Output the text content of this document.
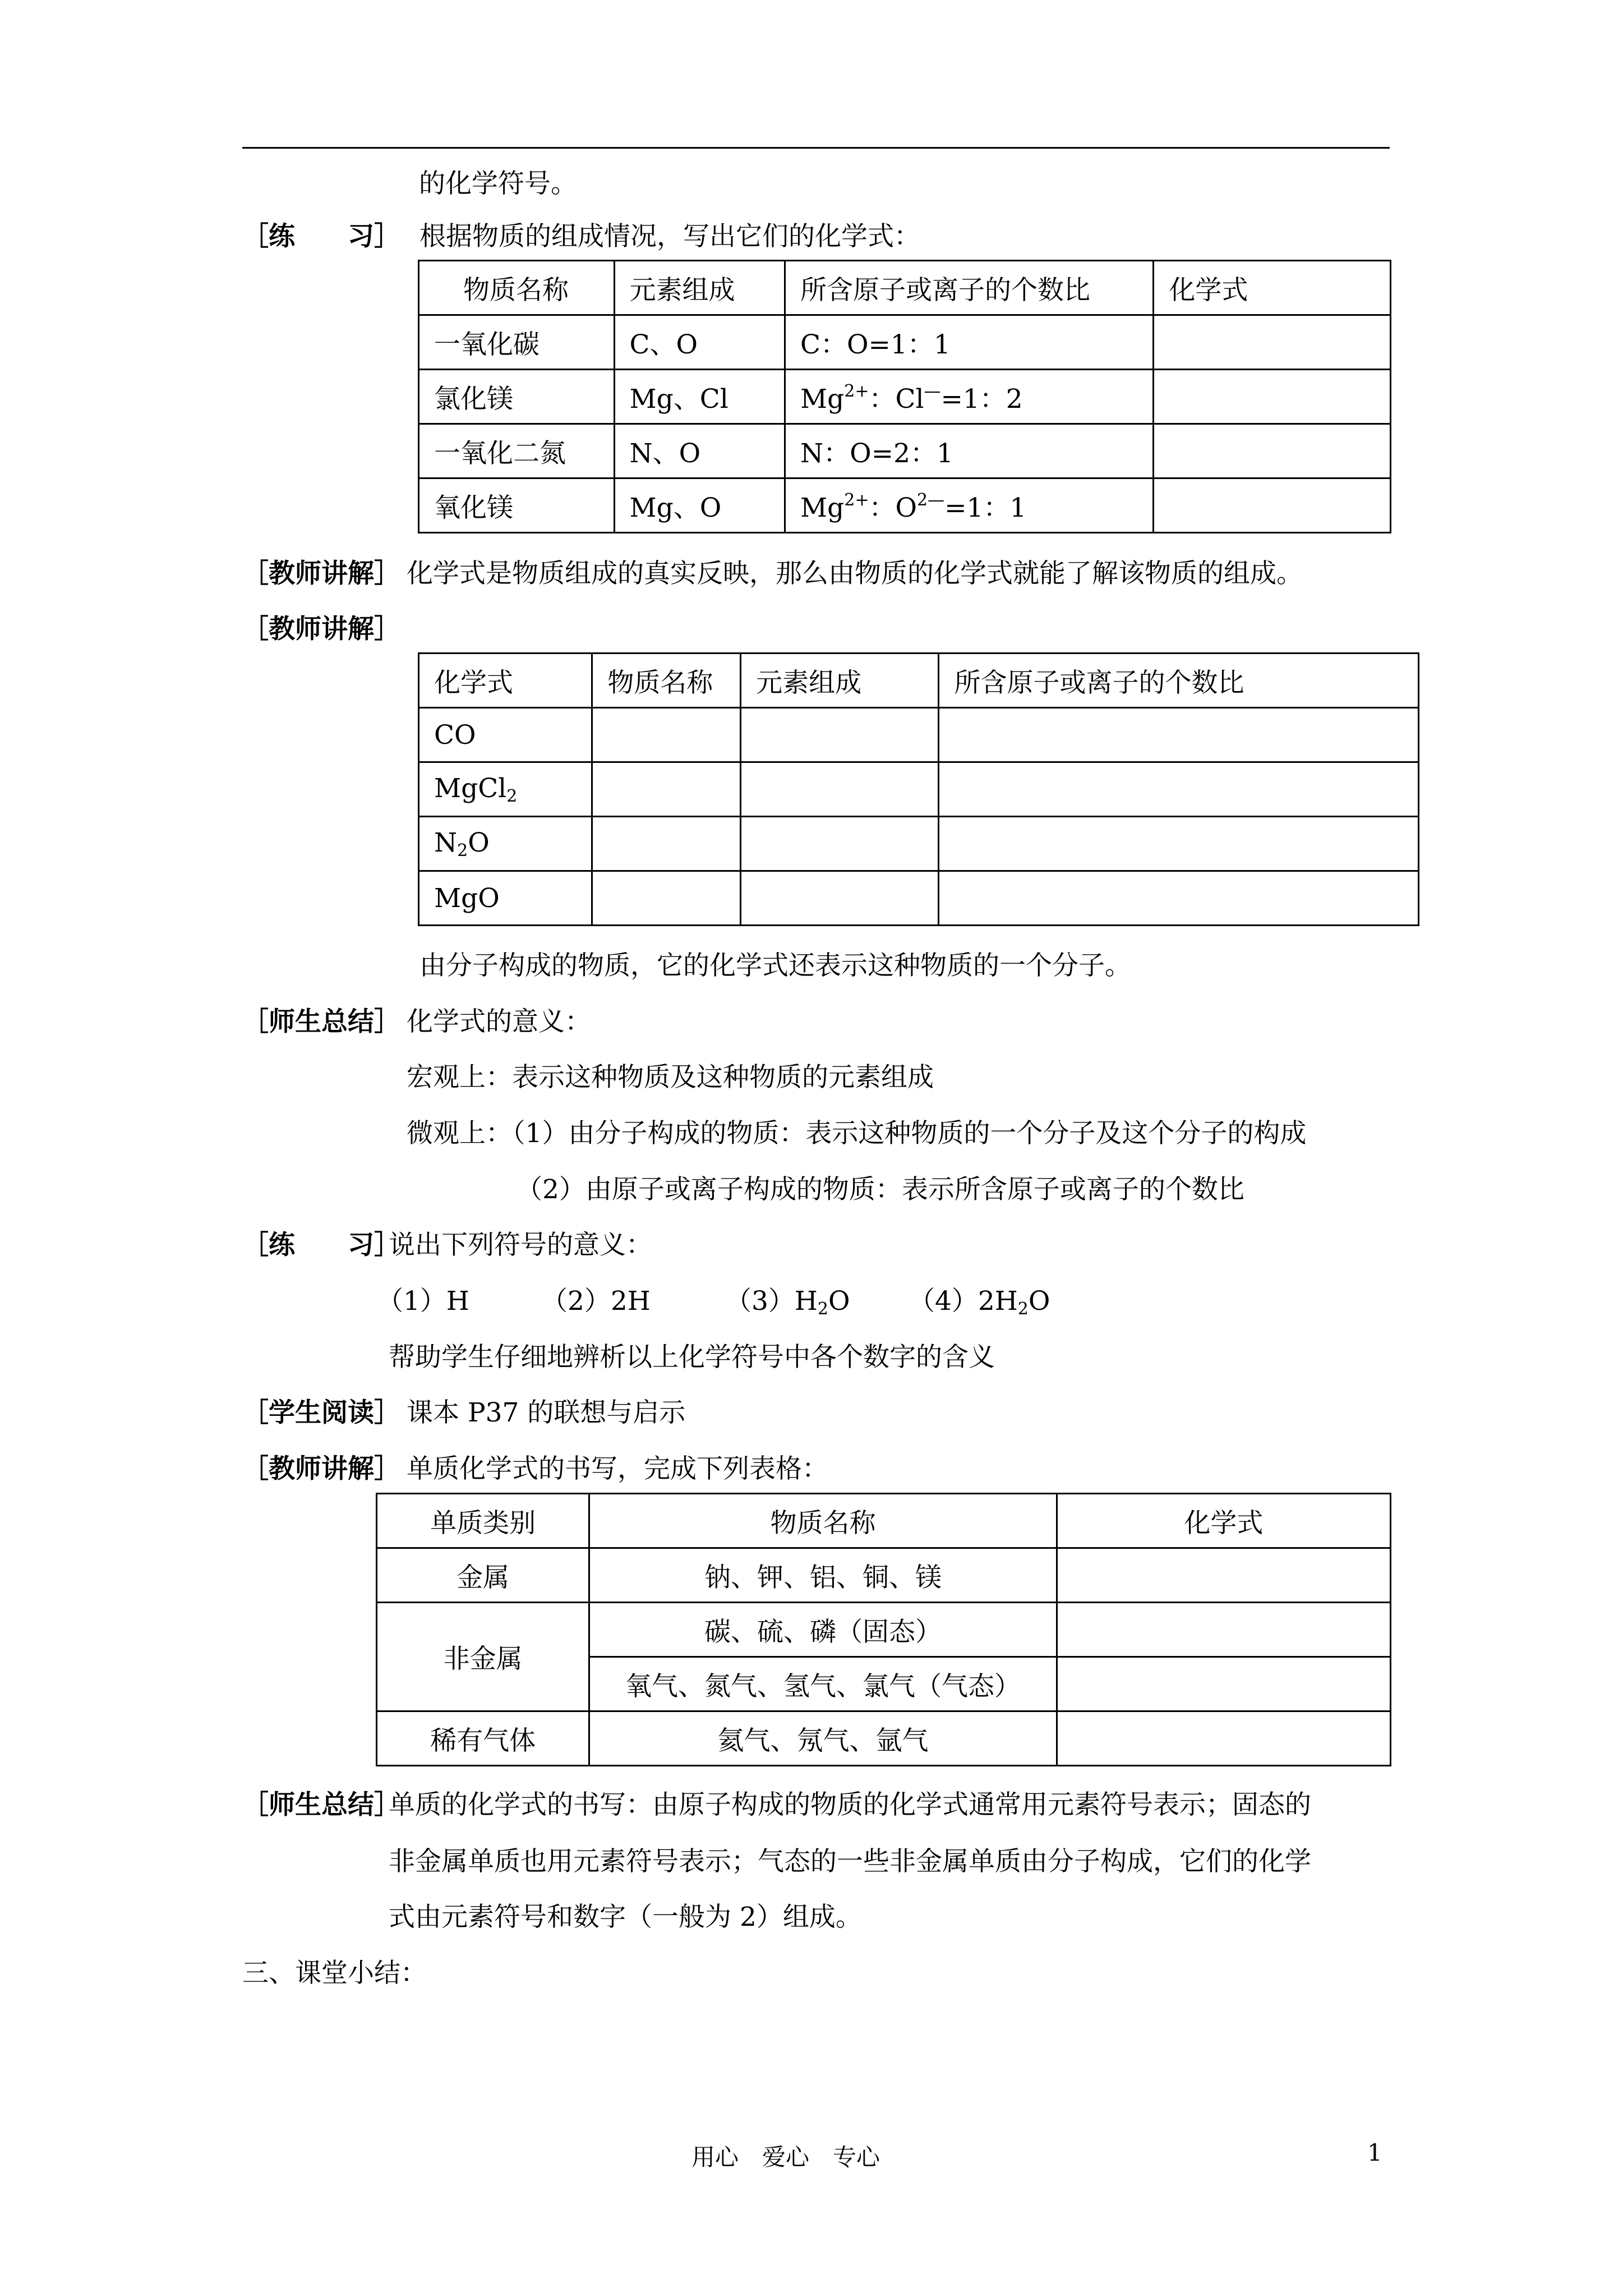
的化学符号。
［练　　习］ 根据物质的组成情况，写出它们的化学式：
物质名称	元素组成	所含原子或离子的个数比	化学式
一氧化碳	C、O	C：O=1：1	
氯化镁	Mg、Cl	$Mg^{2+}$：Cl—=1：2	
一氧化二氮	N、O	N：O=2：1	
氧化镁	Mg、O	$Mg^{2+}$：$O^{2—}=1$：1	
［教师讲解］ 化学式是物质组成的真实反映，那么由物质的化学式就能了解该物质的组成。
［教师讲解］
化学式	物质名称	元素组成	所含原子或离子的个数比
CO			
MgCl$_2$			
$N_2O$			
MgO			
由分子构成的物质，它的化学式还表示这种物质的一个分子。
［师生总结］ 化学式的意义：
宏观上：表示这种物质及这种物质的元素组成
微观上：（1）由分子构成的物质：表示这种物质的一个分子及这个分子的构成
（2）由原子或离子构成的物质：表示所含原子或离子的个数比
［练　　习］
说出下列符号的意义：
（1）H	（2）2H	$(3)H_2O$ $(4)2H_2O$
帮助学生仔细地辨析以上化学符号中各个数字的含义
［学生阅读］ 课本 P37 的联想与启示
［教师讲解］ 单质化学式的书写，完成下列表格：
单质类别	物质名称	化学式
金属	钠、钾、铝、铜、镁	
非金属	碳、硫、磷（固态）	
	氧气、氮气、氢气、氯气（气态）	
稀有气体	氦气、氖气、氩气	
［师生总结］
单质的化学式的书写：由原子构成的物质的化学式通常用元素符号表示；固态的
非金属单质也用元素符号表示；气态的一些非金属单质由分子构成，它们的化学
式由元素符号和数字（一般为 2）组成。
三、课堂小结：
用心　爱心　专心	1
